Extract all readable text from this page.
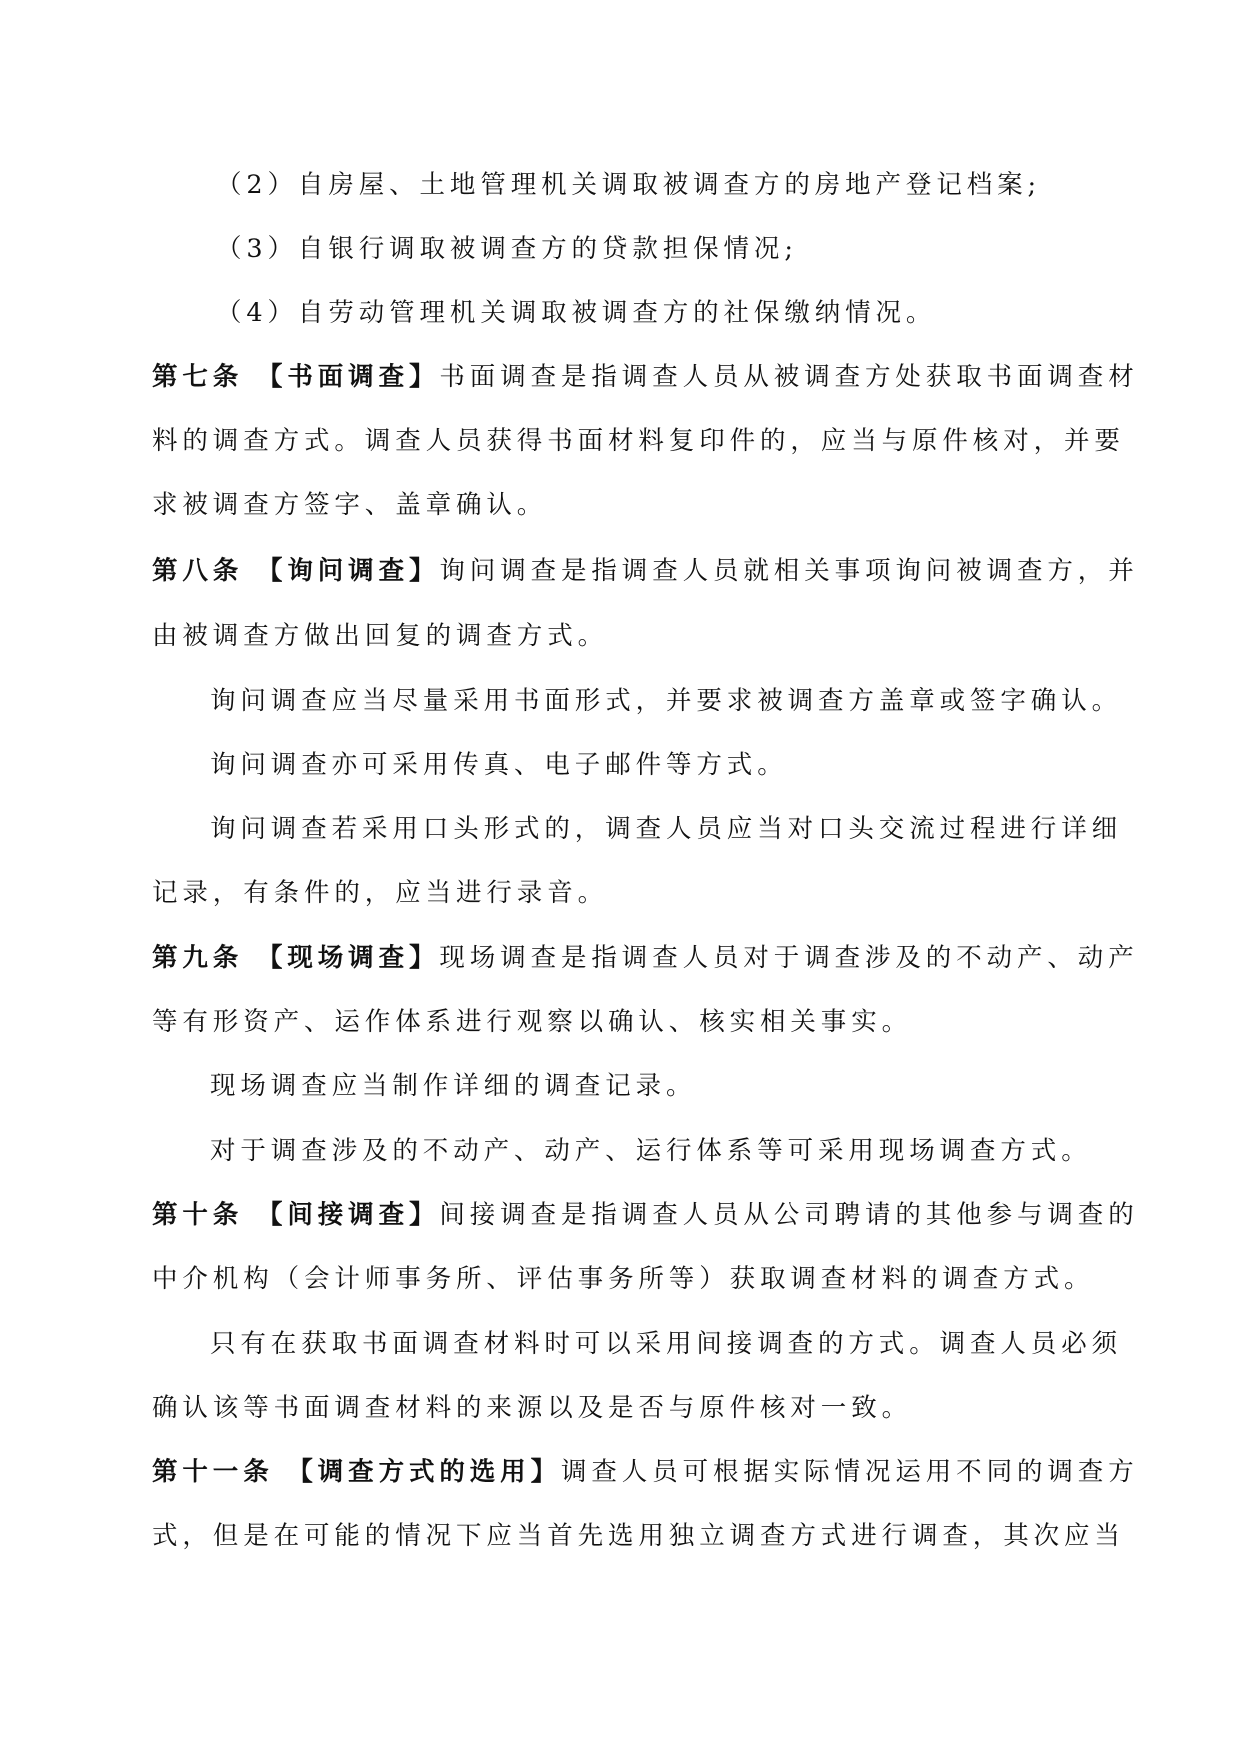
（2）自房屋、土地管理机关调取被调查方的房地产登记档案;
（3）自银行调取被调查方的贷款担保情况;
（4）自劳动管理机关调取被调查方的社保缴纳情况。
第七条 【书面调查】书面调查是指调查人员从被调查方处获取书面调查材
料的调查方式。调查人员获得书面材料复印件的，应当与原件核对，并要
求被调查方签字、盖章确认。
第八条 【询问调查】询问调查是指调查人员就相关事项询问被调查方，并
由被调查方做出回复的调查方式。
询问调查应当尽量采用书面形式，并要求被调查方盖章或签字确认。
询问调查亦可采用传真、电子邮件等方式。
询问调查若采用口头形式的，调查人员应当对口头交流过程进行详细
记录，有条件的，应当进行录音。
第九条 【现场调查】现场调查是指调查人员对于调查涉及的不动产、动产
等有形资产、运作体系进行观察以确认、核实相关事实。
现场调查应当制作详细的调查记录。
对于调查涉及的不动产、动产、运行体系等可采用现场调查方式。
第十条 【间接调查】间接调查是指调查人员从公司聘请的其他参与调查的
中介机构（会计师事务所、评估事务所等）获取调查材料的调查方式。
只有在获取书面调查材料时可以采用间接调查的方式。调查人员必须
确认该等书面调查材料的来源以及是否与原件核对一致。
第十一条 【调查方式的选用】调查人员可根据实际情况运用不同的调查方
式，但是在可能的情况下应当首先选用独立调查方式进行调查，其次应当
